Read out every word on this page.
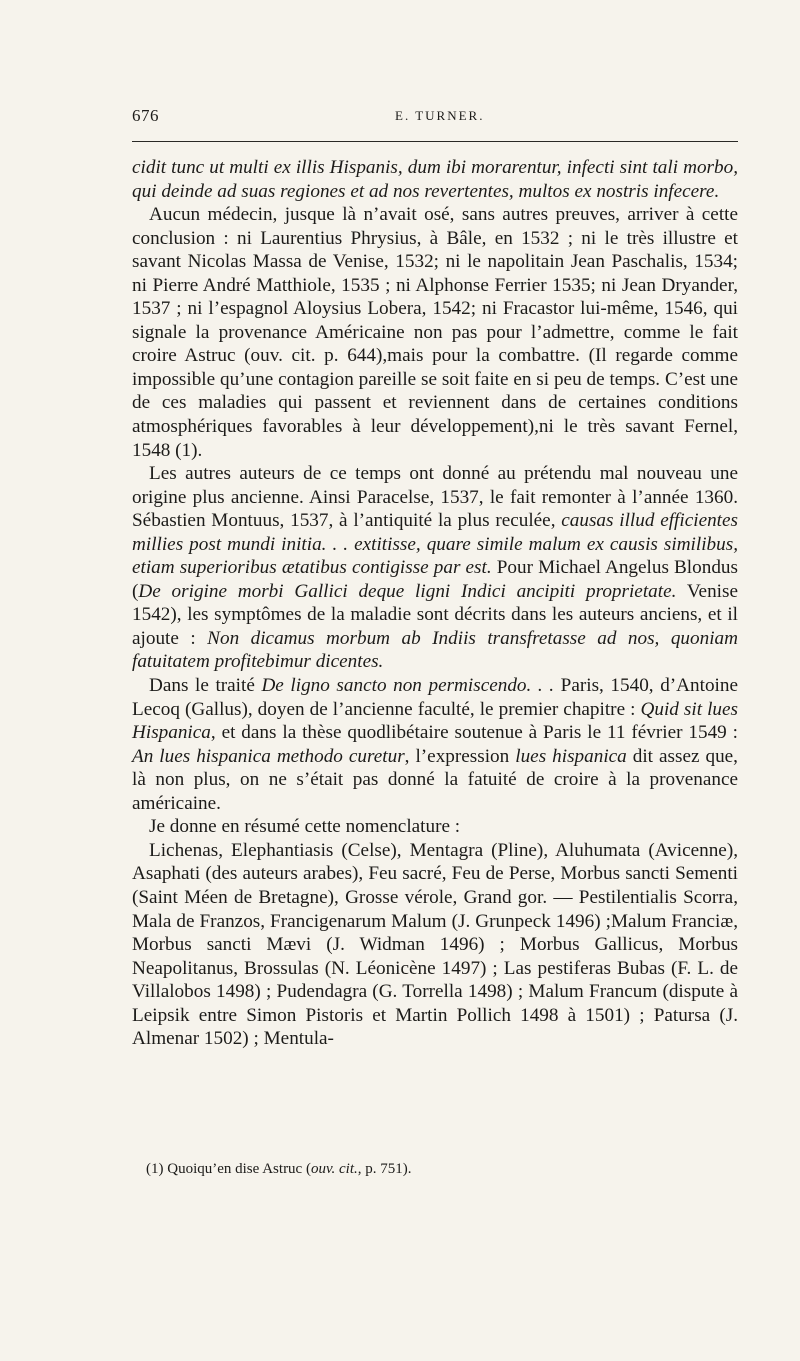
676	E. TURNER.

cidit tunc ut multi ex illis Hispanis, dum ibi morarentur, infecti sint tali morbo, qui deinde ad suas regiones et ad nos revertentes, multos ex nostris infecere.

Aucun médecin, jusque là n’avait osé, sans autres preuves, arriver à cette conclusion : ni Laurentius Phrysius, à Bâle, en 1532 ; ni le très illustre et savant Nicolas Massa de Venise, 1532; ni le napolitain Jean Paschalis, 1534; ni Pierre André Matthiole, 1535 ; ni Alphonse Ferrier 1535; ni Jean Dryander, 1537 ; ni l’espagnol Aloysius Lobera, 1542; ni Fracastor lui-même, 1546, qui signale la provenance Américaine non pas pour l’admettre, comme le fait croire Astruc (ouv. cit. p. 644),mais pour la combattre. (Il regarde comme impossible qu’une contagion pareille se soit faite en si peu de temps. C’est une de ces maladies qui passent et reviennent dans de certaines conditions atmosphériques favorables à leur développement),ni le très savant Fernel, 1548 (1).

Les autres auteurs de ce temps ont donné au prétendu mal nouveau une origine plus ancienne. Ainsi Paracelse, 1537, le fait remonter à l’année 1360. Sébastien Montuus, 1537, à l’antiquité la plus reculée, causas illud efficientes millies post mundi initia. . . extitisse, quare simile malum ex causis similibus, etiam superioribus ætatibus contigisse par est. Pour Michael Angelus Blondus (De origine morbi Gallici deque ligni Indici ancipiti proprietate. Venise 1542), les symptômes de la maladie sont décrits dans les auteurs anciens, et il ajoute : Non dicamus morbum ab Indiis transfretasse ad nos, quoniam fatuitatem profitebimur dicentes.

Dans le traité De ligno sancto non permiscendo. . . Paris, 1540, d’Antoine Lecoq (Gallus), doyen de l’ancienne faculté, le premier chapitre : Quid sit lues Hispanica, et dans la thèse quodlibétaire soutenue à Paris le 11 février 1549 : An lues hispanica methodo curetur, l’expression lues hispanica dit assez que, là non plus, on ne s’était pas donné la fatuité de croire à la provenance américaine.

Je donne en résumé cette nomenclature :

Lichenas, Elephantiasis (Celse), Mentagra (Pline), Aluhumata (Avicenne), Asaphati (des auteurs arabes), Feu sacré, Feu de Perse, Morbus sancti Sementi (Saint Méen de Bretagne), Grosse vérole, Grand gor. — Pestilentialis Scorra, Mala de Franzos, Francigenarum Malum (J. Grunpeck 1496) ;Malum Franciæ, Morbus sancti Mævi (J. Widman 1496) ; Morbus Gallicus, Morbus Neapolitanus, Brossulas (N. Léonicène 1497) ; Las pestiferas Bubas (F. L. de Villalobos 1498) ; Pudendagra (G. Torrella 1498) ; Malum Francum (dispute à Leipsik entre Simon Pistoris et Martin Pollich 1498 à 1501) ; Patursa (J. Almenar 1502) ; Mentula-

(1) Quoiqu’en dise Astruc (ouv. cit., p. 751).
